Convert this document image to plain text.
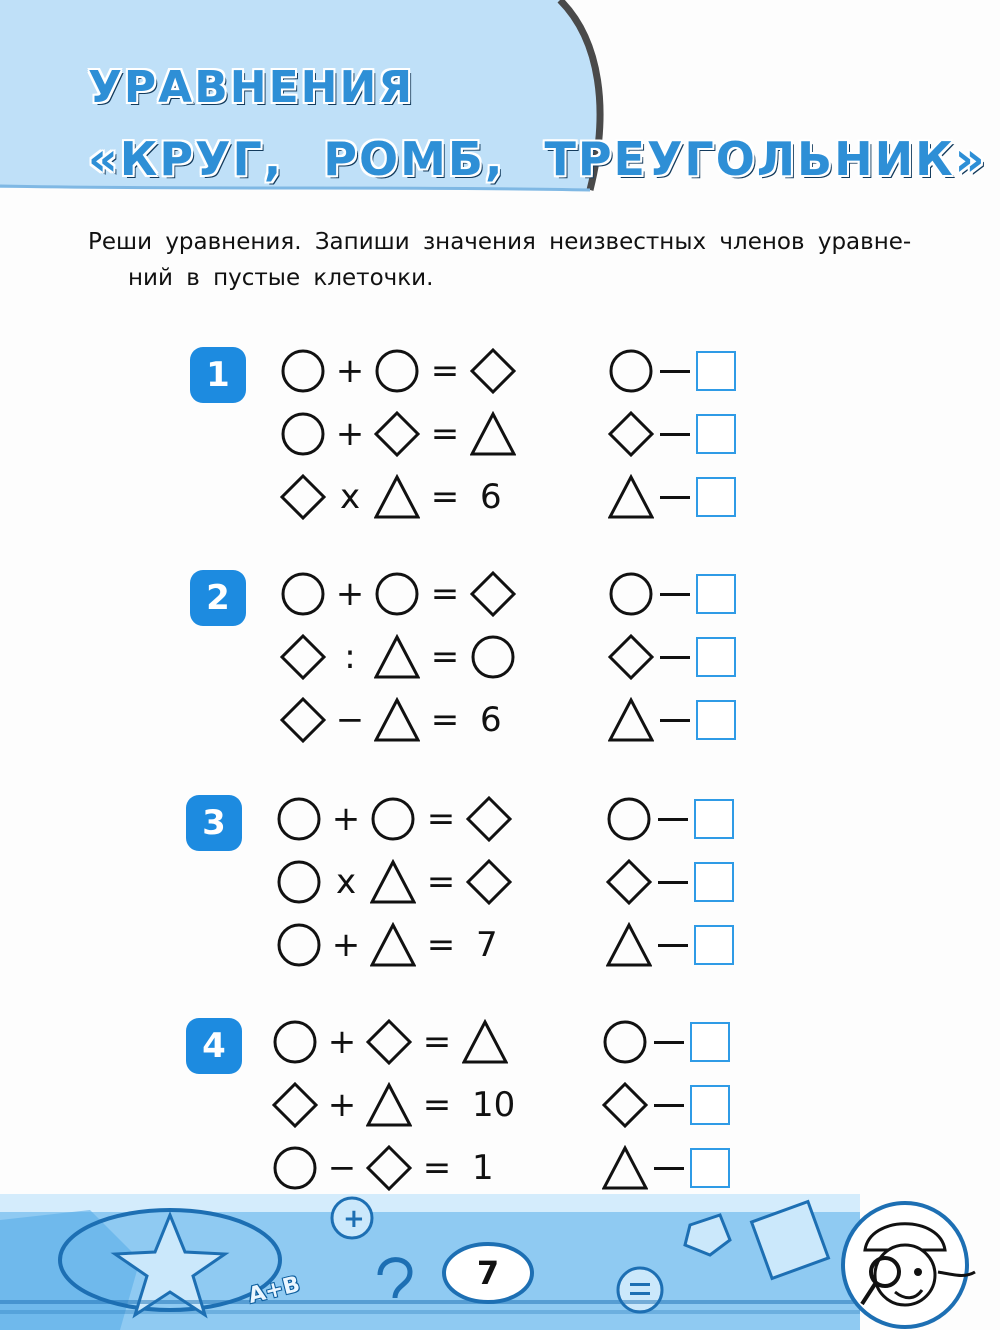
УРАВНЕНИЯ
«КРУГ, РОМБ, ТРЕУГОЛЬНИК»
Реши уравнения. Запиши значения неизвестных членов уравне-
ний в пустые клеточки.
1	+ =
+ =
x = 6
2	+ =
:	=
− = 6
3	+ =
x =
+ = 7
4	+ =
+ = 10
− = 1
+
А+В	7
